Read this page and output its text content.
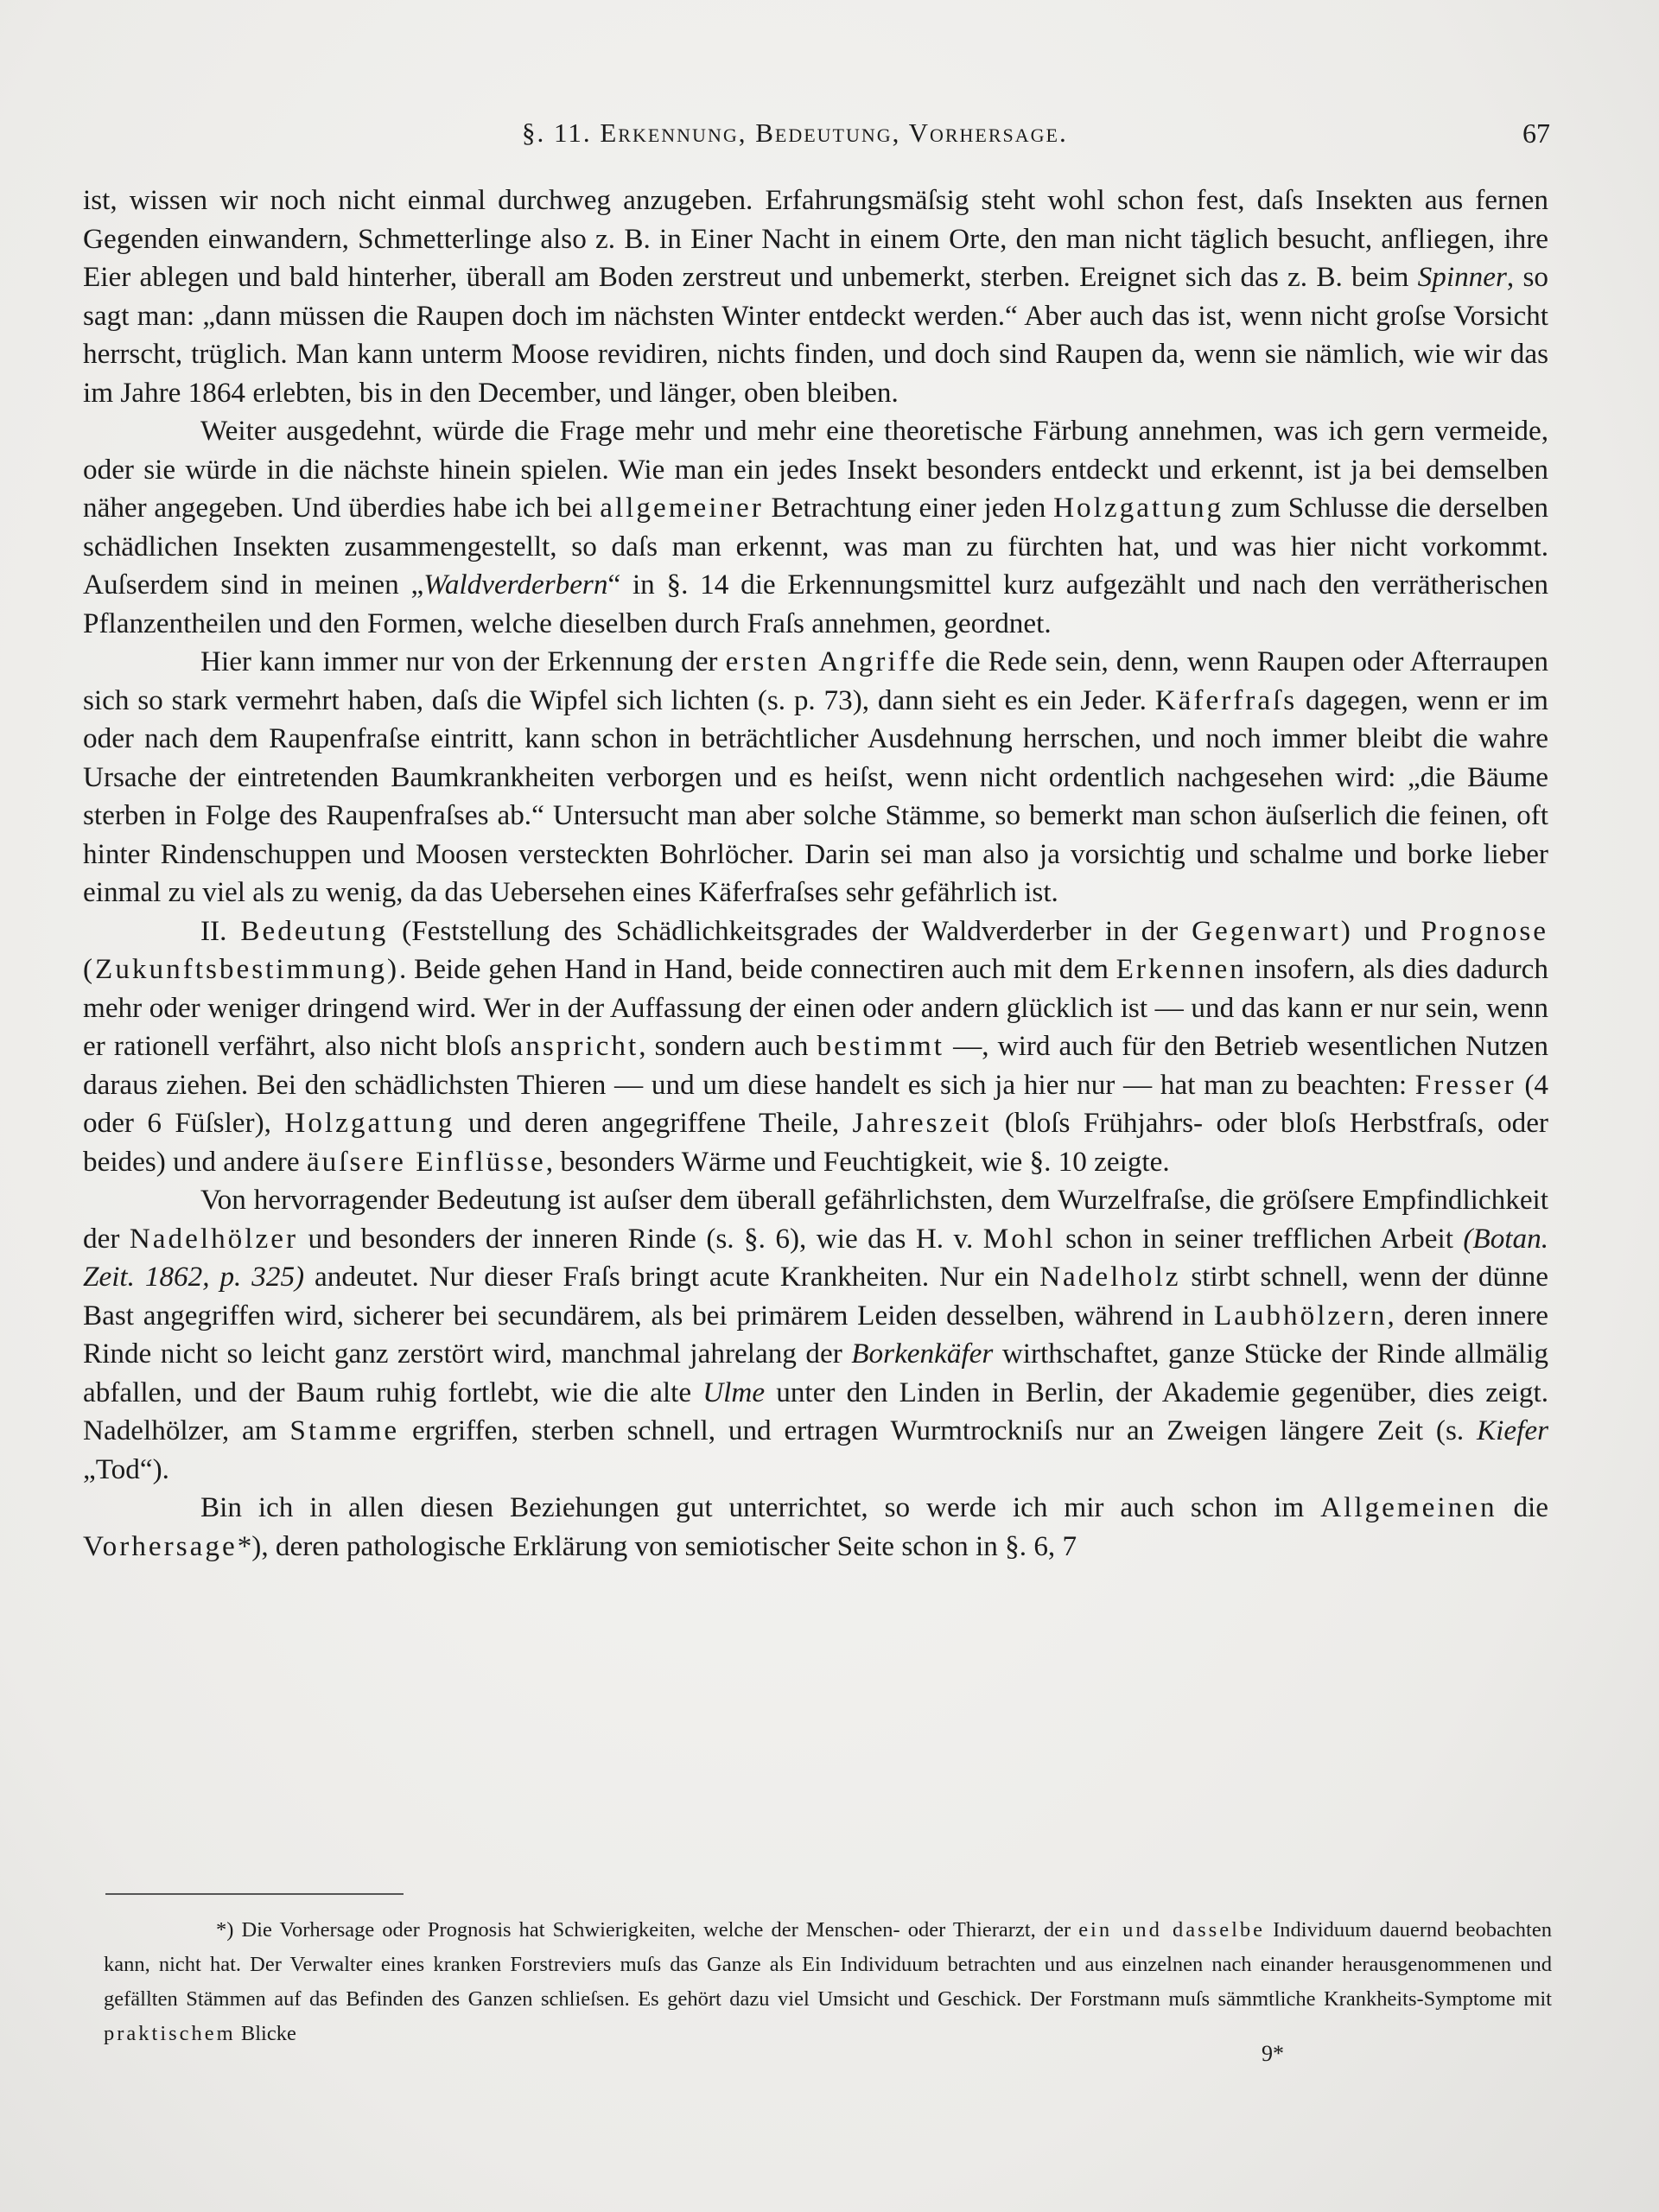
§. 11. Erkennung, Bedeutung, Vorhersage.	67

ist, wissen wir noch nicht einmal durchweg anzugeben. Erfahrungsmäſsig steht wohl schon fest, daſs Insekten aus fernen Gegenden einwandern, Schmetterlinge also z. B. in Einer Nacht in einem Orte, den man nicht täglich besucht, anfliegen, ihre Eier ablegen und bald hinterher, überall am Boden zerstreut und unbemerkt, sterben. Ereignet sich das z. B. beim Spinner, so sagt man: „dann müssen die Raupen doch im nächsten Winter entdeckt werden.“ Aber auch das ist, wenn nicht groſse Vorsicht herrscht, trüglich. Man kann unterm Moose revidiren, nichts finden, und doch sind Raupen da, wenn sie nämlich, wie wir das im Jahre 1864 erlebten, bis in den December, und länger, oben bleiben.

Weiter ausgedehnt, würde die Frage mehr und mehr eine theoretische Färbung annehmen, was ich gern vermeide, oder sie würde in die nächste hinein spielen. Wie man ein jedes Insekt besonders entdeckt und erkennt, ist ja bei demselben näher angegeben. Und überdies habe ich bei allgemeiner Betrachtung einer jeden Holzgattung zum Schlusse die derselben schädlichen Insekten zusammengestellt, so daſs man erkennt, was man zu fürchten hat, und was hier nicht vorkommt. Auſserdem sind in meinen „Waldverderbern“ in §. 14 die Erkennungsmittel kurz aufgezählt und nach den verrätherischen Pflanzentheilen und den Formen, welche dieselben durch Fraſs annehmen, geordnet.

Hier kann immer nur von der Erkennung der ersten Angriffe die Rede sein, denn, wenn Raupen oder Afterraupen sich so stark vermehrt haben, daſs die Wipfel sich lichten (s. p. 73), dann sieht es ein Jeder. Käferfraſs dagegen, wenn er im oder nach dem Raupenfraſse eintritt, kann schon in beträchtlicher Ausdehnung herrschen, und noch immer bleibt die wahre Ursache der eintretenden Baumkrankheiten verborgen und es heiſst, wenn nicht ordentlich nachgesehen wird: „die Bäume sterben in Folge des Raupenfraſses ab.“ Untersucht man aber solche Stämme, so bemerkt man schon äuſserlich die feinen, oft hinter Rindenschuppen und Moosen versteckten Bohrlöcher. Darin sei man also ja vorsichtig und schalme und borke lieber einmal zu viel als zu wenig, da das Uebersehen eines Käferfraſses sehr gefährlich ist.

II. Bedeutung (Feststellung des Schädlichkeitsgrades der Waldverderber in der Gegenwart) und Prognose (Zukunftsbestimmung). Beide gehen Hand in Hand, beide connectiren auch mit dem Erkennen insofern, als dies dadurch mehr oder weniger dringend wird. Wer in der Auffassung der einen oder andern glücklich ist — und das kann er nur sein, wenn er rationell verfährt, also nicht bloſs anspricht, sondern auch bestimmt —, wird auch für den Betrieb wesentlichen Nutzen daraus ziehen. Bei den schädlichsten Thieren — und um diese handelt es sich ja hier nur — hat man zu beachten: Fresser (4 oder 6 Füſsler), Holzgattung und deren angegriffene Theile, Jahreszeit (bloſs Frühjahrs- oder bloſs Herbstfraſs, oder beides) und andere äuſsere Einflüsse, besonders Wärme und Feuchtigkeit, wie §. 10 zeigte.

Von hervorragender Bedeutung ist auſser dem überall gefährlichsten, dem Wurzelfraſse, die gröſsere Empfindlichkeit der Nadelhölzer und besonders der inneren Rinde (s. §. 6), wie das H. v. Mohl schon in seiner trefflichen Arbeit (Botan. Zeit. 1862, p. 325) andeutet. Nur dieser Fraſs bringt acute Krankheiten. Nur ein Nadelholz stirbt schnell, wenn der dünne Bast angegriffen wird, sicherer bei secundärem, als bei primärem Leiden desselben, während in Laubhölzern, deren innere Rinde nicht so leicht ganz zerstört wird, manchmal jahrelang der Borkenkäfer wirthschaftet, ganze Stücke der Rinde allmälig abfallen, und der Baum ruhig fortlebt, wie die alte Ulme unter den Linden in Berlin, der Akademie gegenüber, dies zeigt. Nadelhölzer, am Stamme ergriffen, sterben schnell, und ertragen Wurmtrockniſs nur an Zweigen längere Zeit (s. Kiefer „Tod“).

Bin ich in allen diesen Beziehungen gut unterrichtet, so werde ich mir auch schon im Allgemeinen die Vorhersage*), deren pathologische Erklärung von semiotischer Seite schon in §. 6, 7

*) Die Vorhersage oder Prognosis hat Schwierigkeiten, welche der Menschen- oder Thierarzt, der ein und dasselbe Individuum dauernd beobachten kann, nicht hat. Der Verwalter eines kranken Forstreviers muſs das Ganze als Ein Individuum betrachten und aus einzelnen nach einander herausgenommenen und gefällten Stämmen auf das Befinden des Ganzen schlieſsen. Es gehört dazu viel Umsicht und Geschick. Der Forstmann muſs sämmtliche Krankheits-Symptome mit praktischem Blicke

9*
